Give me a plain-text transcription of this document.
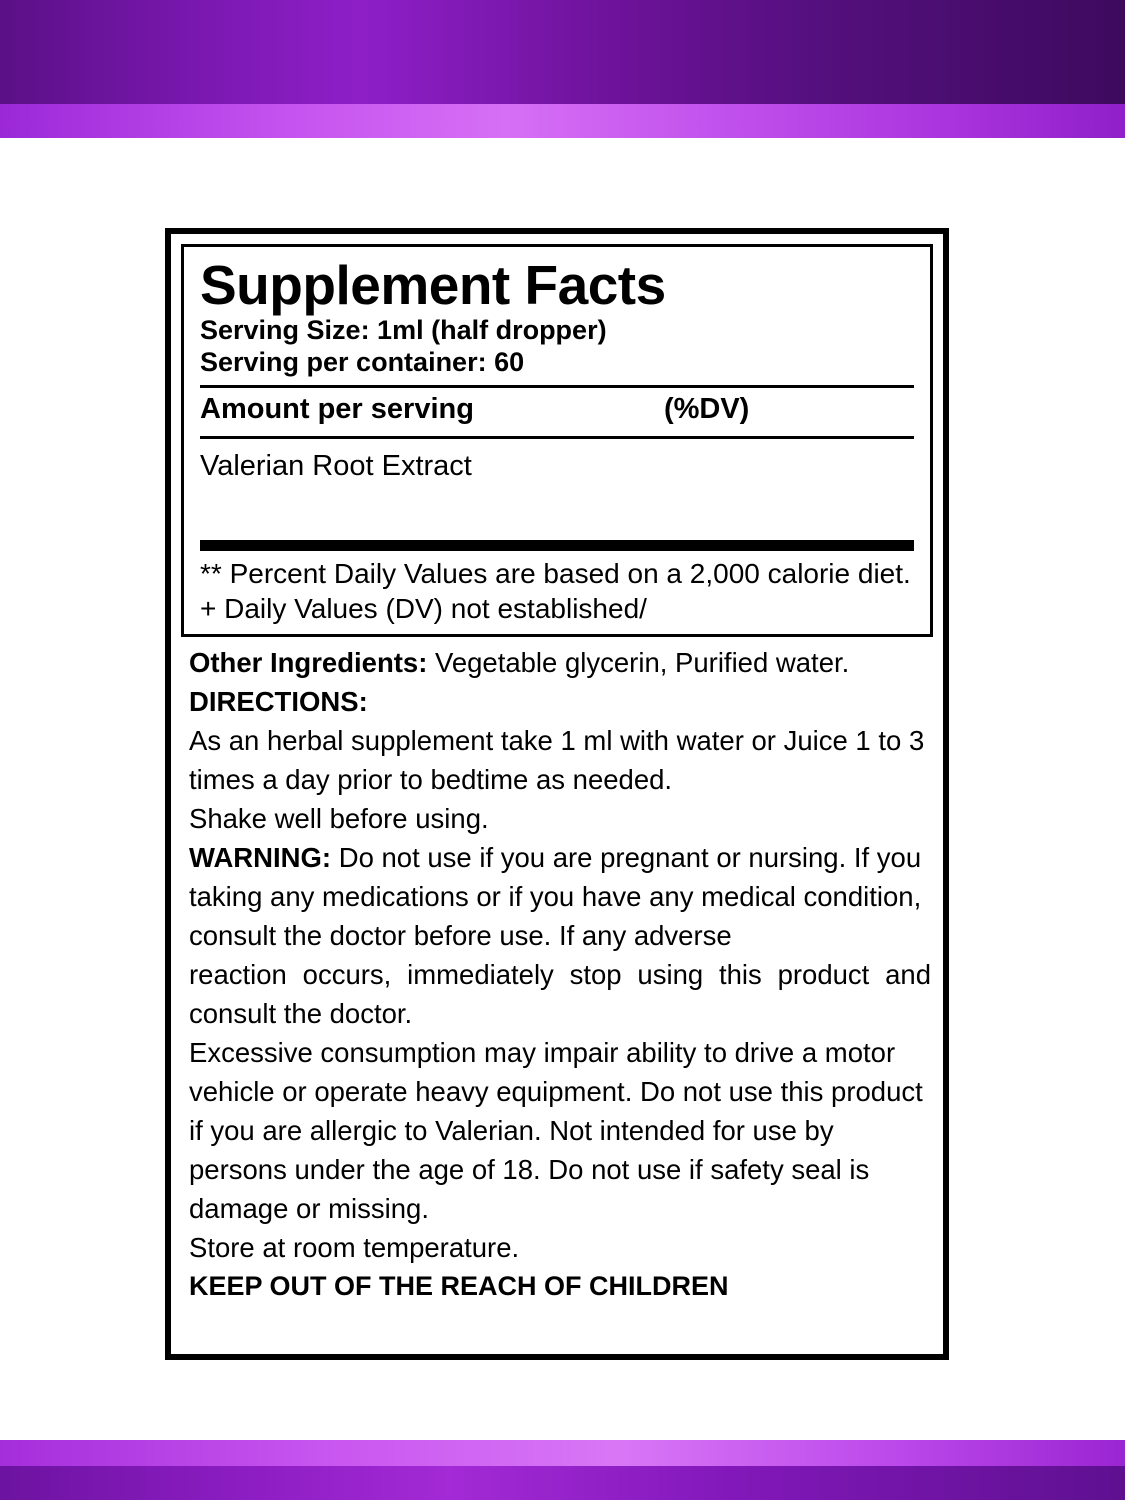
Supplement Facts
Serving Size: 1ml (half dropper)
Serving per container: 60
Amount per serving	(%DV)
Valerian Root Extract
** Percent Daily Values are based on a 2,000 calorie diet. + Daily Values (DV) not established/

Other Ingredients: Vegetable glycerin, Purified water.

DIRECTIONS:

As an herbal supplement take 1 ml with water or Juice 1 to 3 times a day prior to bedtime as needed.

Shake well before using.

WARNING: Do not use if you are pregnant or nursing. If you taking any medications or if you have any medical condition, consult the doctor before use. If any adverse

reaction occurs, immediately stop using this product and consult the doctor.

Excessive consumption may impair ability to drive a motor vehicle or operate heavy equipment. Do not use this product if you are allergic to Valerian. Not intended for use by persons under the age of 18. Do not use if safety seal is damage or missing.

Store at room temperature.

KEEP OUT OF THE REACH OF CHILDREN
